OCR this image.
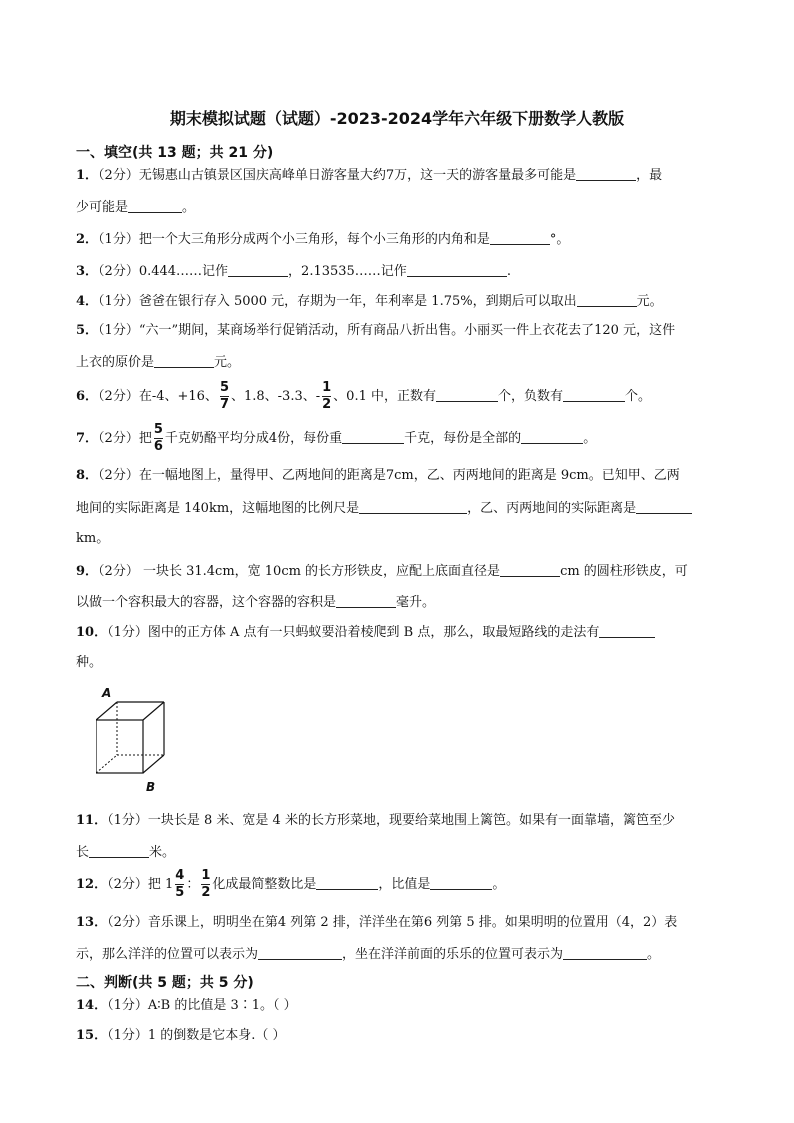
期末模拟试题（试题）-2023-2024学年六年级下册数学人教版
一、填空(共 13 题；共 21 分)
1．（2分）无锡惠山古镇景区国庆高峰单日游客量大约7万，这一天的游客量最多可能是	，最
少可能是	。
2．（1分）把一个大三角形分成两个小三角形，每个小三角形的内角和是	°。
3．（2分）0.444……记作	，2.13535……记作	.
4．（1分）爸爸在银行存入 5000 元，存期为一年，年利率是 1.75%，到期后可以取出	元。
5．（1分）“六一”期间，某商场举行促销活动，所有商品八折出售。小丽买一件上衣花去了120 元，这件
上衣的原价是	元。
6．（2分）在-4、+16、 $\frac{5}{7}$ 、1.8、-3.3、- $\frac{1}{2}$ 、0.1 中，正数有	个，负数有	个。
7．（2分）把 $\frac{5}{6}$ 千克奶酪平均分成4份，每份重	千克，每份是全部的	。
8．（2分）在一幅地图上，量得甲、乙两地间的距离是7cm，乙、丙两地间的距离是 9cm。已知甲、乙两
地间的实际距离是 140km，这幅地图的比例尺是	，乙、丙两地间的实际距离是
km。
9．（2分） 一块长 31.4cm，宽 10cm 的长方形铁皮，应配上底面直径是	cm 的圆柱形铁皮，可
以做一个容积最大的容器，这个容器的容积是	毫升。
10．（1分）图中的正方体 A 点有一只蚂蚁要沿着棱爬到 B 点，那么，取最短路线的走法有
种。
A
B
11．（1分）一块长是 8 米、宽是 4 米的长方形菜地，现要给菜地围上篱笆。如果有一面靠墙，篱笆至少
长	米。
12．（2分）把 $1 \frac{4}{5}$ ： $\frac{1}{2}$ 化成最简整数比是	，比值是	。
13．（2分）音乐课上，明明坐在第4 列第 2 排，洋洋坐在第6 列第 5 排。如果明明的位置用（4，2）表
示，那么洋洋的位置可以表示为	，坐在洋洋前面的乐乐的位置可表示为	。
二、判断(共 5 题；共 5 分)
14．（1分）A∶B 的比值是 3∶1。（ ）
15．（1分）1 的倒数是它本身.（ ）
